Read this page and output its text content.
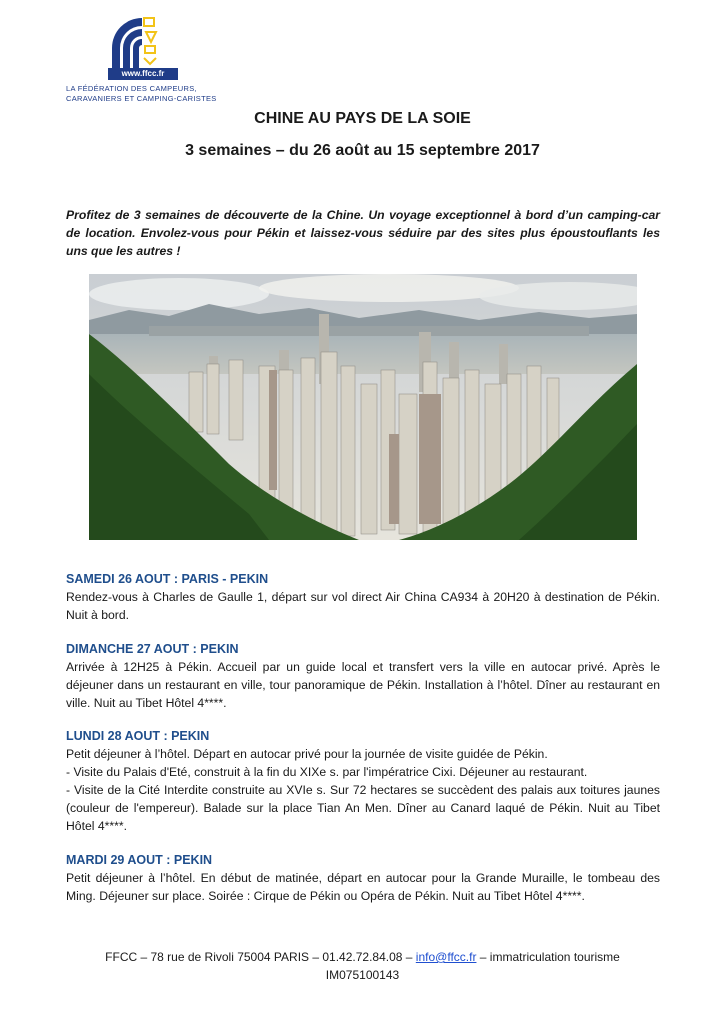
www.ffcc.fr
LA FÉDÉRATION DES CAMPEURS,
CARAVANIERS ET CAMPING-CARISTES
CHINE AU PAYS DE LA SOIE
3 semaines – du 26 août au 15 septembre 2017
Profitez de 3 semaines de découverte de la Chine. Un voyage exceptionnel à bord d’un camping-car de location. Envolez-vous pour Pékin et laissez-vous séduire par des sites plus époustouflants les uns que les autres !
SAMEDI 26 AOUT : PARIS - PEKIN

Rendez-vous à Charles de Gaulle 1, départ sur vol direct Air China CA934 à 20H20 à destination de Pékin. Nuit à bord.

DIMANCHE 27 AOUT : PEKIN

Arrivée à 12H25 à Pékin. Accueil par un guide local et transfert vers la ville en autocar privé. Après le déjeuner dans un restaurant en ville, tour panoramique de Pékin. Installation à l’hôtel. Dîner au restaurant en ville. Nuit au Tibet Hôtel 4****.

LUNDI 28 AOUT : PEKIN

Petit déjeuner à l’hôtel. Départ en autocar privé pour la journée de visite guidée de Pékin.

- Visite du Palais d'Eté, construit à la fin du XIXe s. par l'impératrice Cixi. Déjeuner au restaurant.

- Visite de la Cité Interdite construite au XVIe s. Sur 72 hectares se succèdent des palais aux toitures jaunes (couleur de l'empereur). Balade sur la place Tian An Men. Dîner au Canard laqué de Pékin. Nuit au Tibet Hôtel 4****.

MARDI 29 AOUT : PEKIN

Petit déjeuner à l’hôtel. En début de matinée, départ en autocar pour la Grande Muraille, le tombeau des Ming. Déjeuner sur place. Soirée : Cirque de Pékin ou Opéra de Pékin. Nuit au Tibet Hôtel 4****.

FFCC – 78 rue de Rivoli 75004 PARIS – 01.42.72.84.08 – info@ffcc.fr – immatriculation tourisme
IM075100143
